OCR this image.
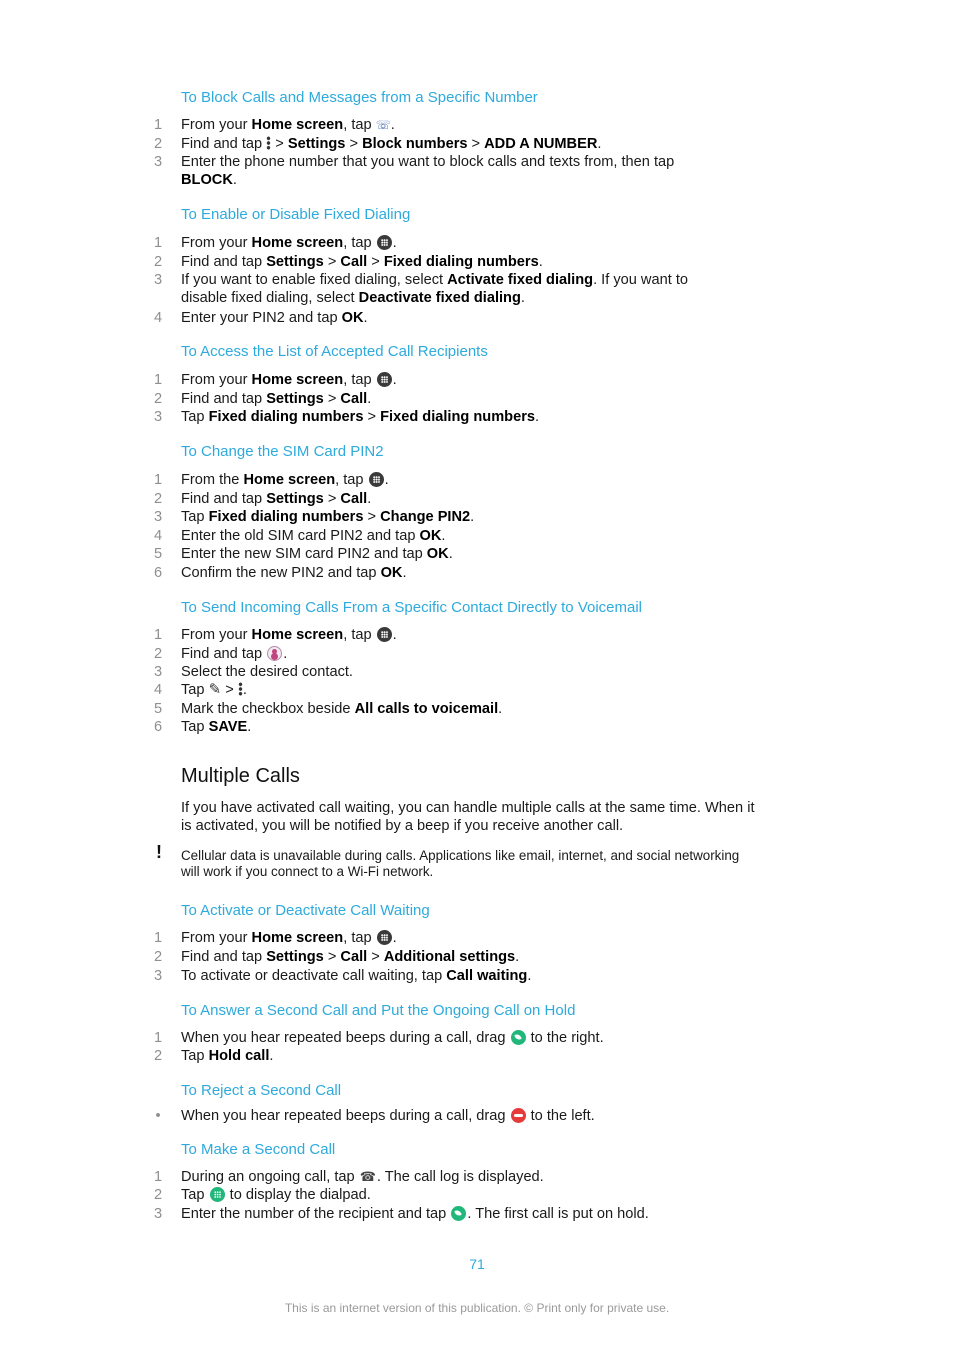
To Block Calls and Messages from a Specific Number
1 From your Home screen, tap ☏.
2 Find and tap  > Settings > Block numbers > ADD A NUMBER.
3 Enter the phone number that you want to block calls and texts from, then tap
BLOCK.
To Enable or Disable Fixed Dialing
1 From your Home screen, tap .
2 Find and tap Settings > Call > Fixed dialing numbers.
3 If you want to enable fixed dialing, select Activate fixed dialing. If you want to
disable fixed dialing, select Deactivate fixed dialing.
4 Enter your PIN2 and tap OK.
To Access the List of Accepted Call Recipients
1 From your Home screen, tap .
2 Find and tap Settings > Call.
3 Tap Fixed dialing numbers > Fixed dialing numbers.
To Change the SIM Card PIN2
1 From the Home screen, tap .
2 Find and tap Settings > Call.
3 Tap Fixed dialing numbers > Change PIN2.
4 Enter the old SIM card PIN2 and tap OK.
5 Enter the new SIM card PIN2 and tap OK.
6 Confirm the new PIN2 and tap OK.
To Send Incoming Calls From a Specific Contact Directly to Voicemail
1 From your Home screen, tap .
2 Find and tap .
3 Select the desired contact.
4 Tap ✎ > .
5 Mark the checkbox beside All calls to voicemail.
6 Tap SAVE.
Multiple Calls
If you have activated call waiting, you can handle multiple calls at the same time. When it
is activated, you will be notified by a beep if you receive another call.
! Cellular data is unavailable during calls. Applications like email, internet, and social networking
will work if you connect to a Wi-Fi network.
To Activate or Deactivate Call Waiting
1 From your Home screen, tap .
2 Find and tap Settings > Call > Additional settings.
3 To activate or deactivate call waiting, tap Call waiting.
To Answer a Second Call and Put the Ongoing Call on Hold
1 When you hear repeated beeps during a call, drag  to the right.
2 Tap Hold call.
To Reject a Second Call
•	When you hear repeated beeps during a call, drag  to the left.
To Make a Second Call
1 During an ongoing call, tap ☎. The call log is displayed.
2 Tap  to display the dialpad.
3 Enter the number of the recipient and tap . The first call is put on hold.
71
This is an internet version of this publication. © Print only for private use.
